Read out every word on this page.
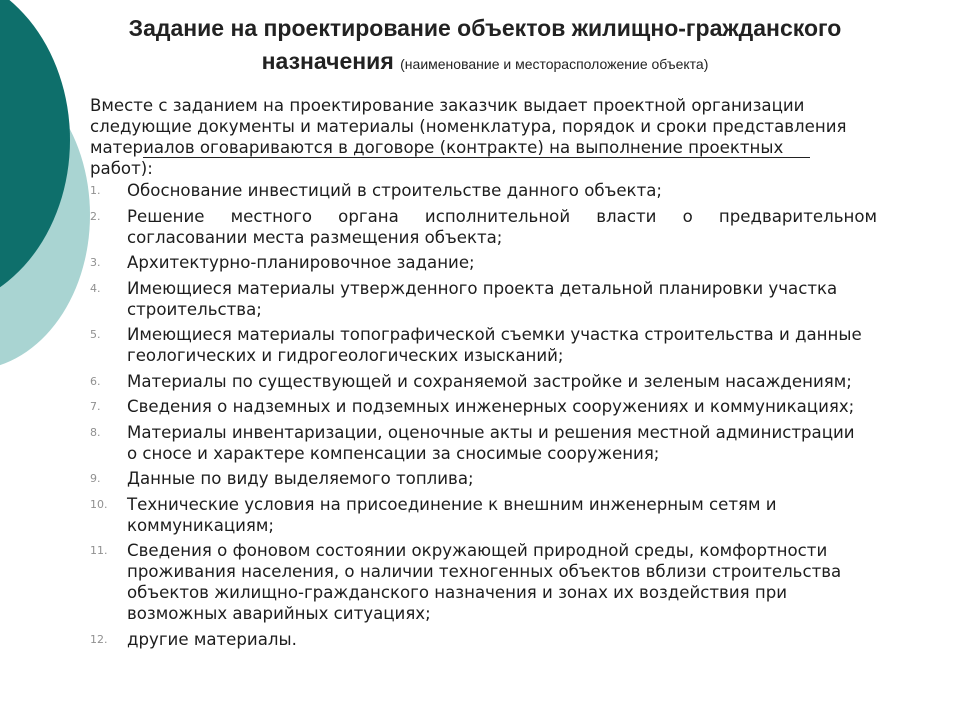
Задание на проектирование объектов жилищно-гражданского
назначения (наименование и месторасположение объекта)
Вместе с заданием на проектирование заказчик выдает проектной организации
следующие документы и материалы (номенклатура, порядок и сроки представления
материалов оговариваются в договоре (контракте) на выполнение проектных
работ):
1. Обоснование инвестиций в строительстве данного объекта;
2. Решение местного органа исполнительной власти о предварительном
согласовании места размещения объекта;
3. Архитектурно-планировочное задание;
4. Имеющиеся материалы утвержденного проекта детальной планировки участка
строительства;
5. Имеющиеся материалы топографической съемки участка строительства и данные
геологических и гидрогеологических изысканий;
6. Материалы по существующей и сохраняемой застройке и зеленым насаждениям;
7. Сведения о надземных и подземных инженерных сооружениях и коммуникациях;
8. Материалы инвентаризации, оценочные акты и решения местной администрации
о сносе и характере компенсации за сносимые сооружения;
9. Данные по виду выделяемого топлива;
10. Технические условия на присоединение к внешним инженерным сетям и
коммуникациям;
11. Сведения о фоновом состоянии окружающей природной среды, комфортности
проживания населения, о наличии техногенных объектов вблизи строительства
объектов жилищно-гражданского назначения и зонах их воздействия при
возможных аварийных ситуациях;
12. другие материалы.
